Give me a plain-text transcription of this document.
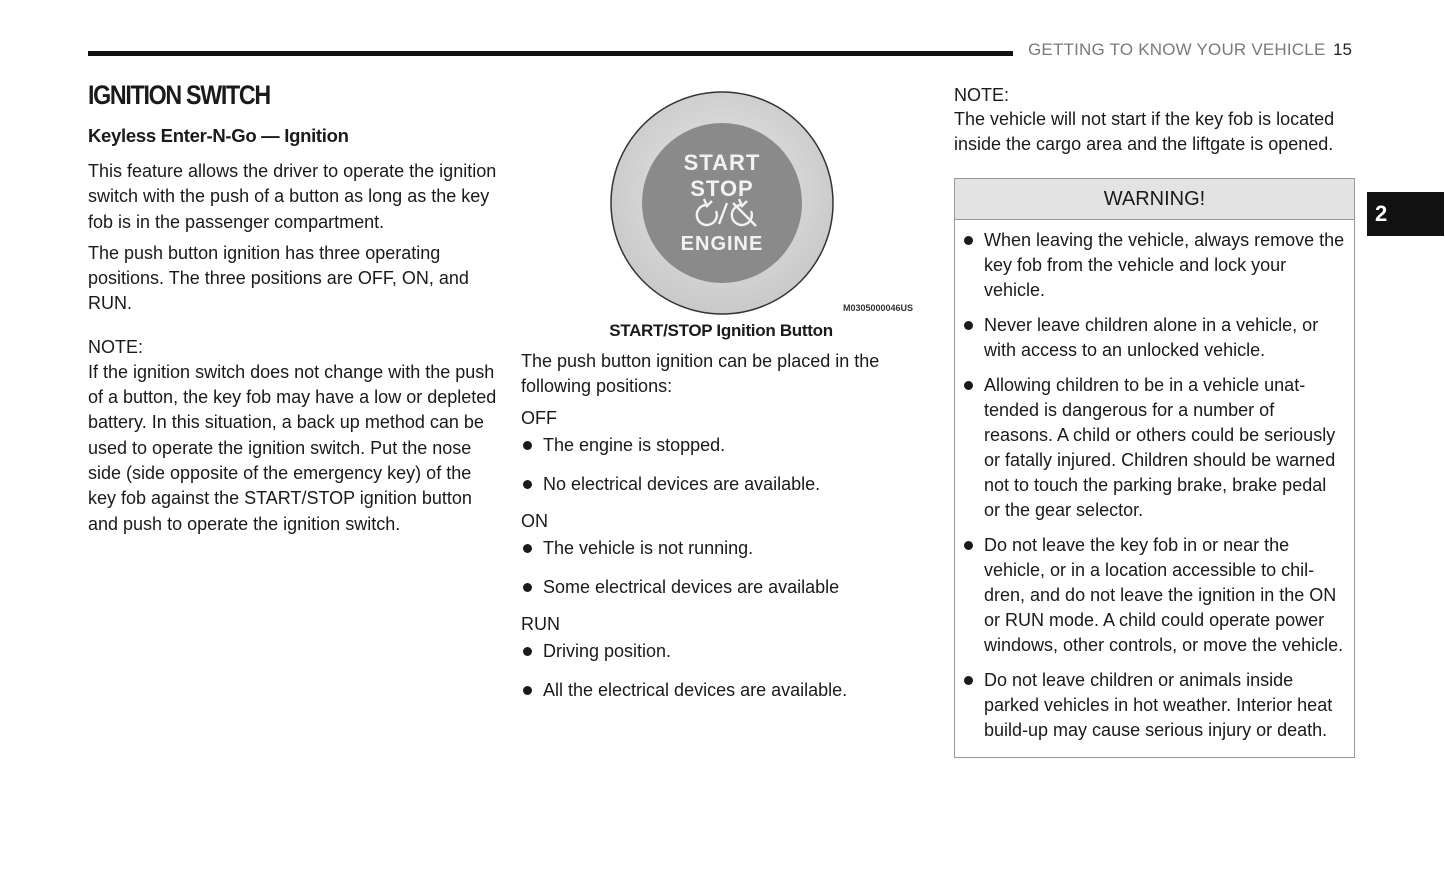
GETTING TO KNOW YOUR VEHICLE 15
2
IGNITION SWITCH
Keyless Enter-N-Go — Ignition

This feature allows the driver to operate the ignition switch with the push of a button as long as the key fob is in the passenger compartment.

The push button ignition has three operating positions. The three positions are OFF, ON, and RUN.

NOTE:
If the ignition switch does not change with the push of a button, the key fob may have a low or depleted battery. In this situation, a back up method can be used to operate the ignition switch. Put the nose side (side opposite of the emergency key) of the key fob against the START/STOP ignition button and push to operate the ignition switch.
START
STOP
ENGINE
M0305000046US
START/STOP Ignition Button

The push button ignition can be placed in the following positions:

OFF
The engine is stopped.
No electrical devices are available.
ON
The vehicle is not running.
Some electrical devices are available
RUN
Driving position.
All the electrical devices are available.
NOTE:
The vehicle will not start if the key fob is located inside the cargo area and the liftgate is opened.
WARNING!
When leaving the vehicle, always remove the key fob from the vehicle and lock your vehicle.
Never leave children alone in a vehicle, or with access to an unlocked vehicle.
Allowing children to be in a vehicle unat-tended is dangerous for a number of reasons. A child or others could be seriously or fatally injured. Children should be warned not to touch the parking brake, brake pedal or the gear selector.
Do not leave the key fob in or near the vehicle, or in a location accessible to chil-dren, and do not leave the ignition in the ON or RUN mode. A child could operate power windows, other controls, or move the vehicle.
Do not leave children or animals inside parked vehicles in hot weather. Interior heat build-up may cause serious injury or death.
